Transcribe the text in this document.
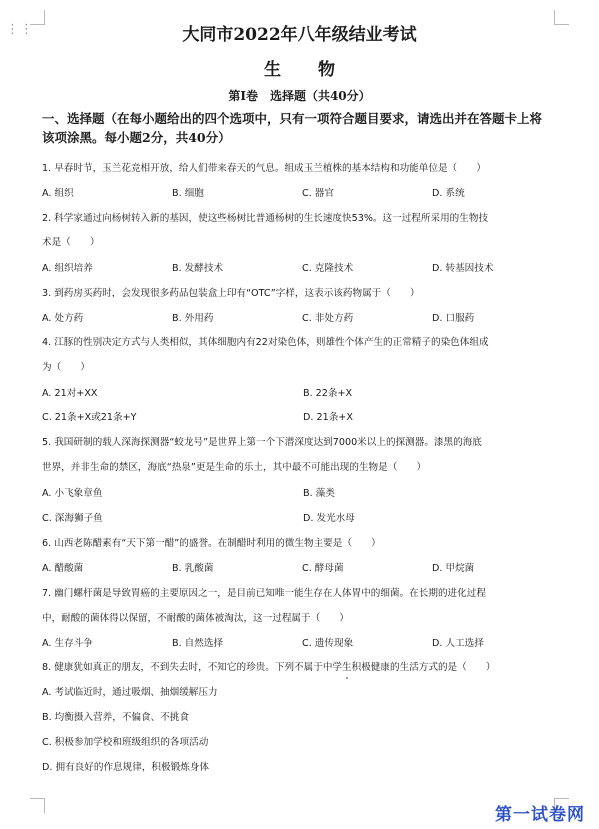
⋮⋮	大同市2022年八年级结业考试
生　物
第Ⅰ卷　选择题（共40分）
一、选择题（在每小题给出的四个选项中，只有一项符合题目要求，请选出并在答题卡上将
该项涂黑。每小题2分，共40分）
1. 早春时节，玉兰花竞相开放，给人们带来春天的气息。组成玉兰植株的基本结构和功能单位是（　　）
A. 组织	B. 细胞	C. 器官	D. 系统
2. 科学家通过向杨树转入新的基因，使这些杨树比普通杨树的生长速度快53%。这一过程所采用的生物技
术是（　　）
A. 组织培养	B. 发酵技术	C. 克隆技术	D. 转基因技术
3. 到药房买药时，会发现很多药品包装盒上印有“OTC”字样，这表示该药物属于（　　）
A. 处方药	B. 外用药	C. 非处方药	D. 口服药
4. 江豚的性别决定方式与人类相似，其体细胞内有22对染色体，则雄性个体产生的正常精子的染色体组成
为（　　）
A. 21对+XX	B. 22条+X
C. 21条+X或21条+Y	D. 21条+X
5. 我国研制的载人深海探测器“蛟龙号”是世界上第一个下潜深度达到7000米以上的探测器。漆黑的海底
世界，并非生命的禁区，海底“热泉”更是生命的乐土，其中最不可能出现的生物是（　　）
A. 小飞象章鱼	B. 藻类
C. 深海狮子鱼	D. 发光水母
6. 山西老陈醋素有“天下第一醋”的盛誉。在制醋时利用的微生物主要是（　　）
A. 醋酸菌	B. 乳酸菌	C. 酵母菌	D. 甲烷菌
7. 幽门螺杆菌是导致胃癌的主要原因之一，是目前已知唯一能生存在人体胃中的细菌。在长期的进化过程
中，耐酸的菌体得以保留，不耐酸的菌体被淘汰，这一过程属于（　　）
A. 生存斗争	B. 自然选择	C. 遗传现象	D. 人工选择
8. 健康犹如真正的朋友，不到失去时，不知它的珍贵。下列不属于中学生积极健康的生活方式的是（　　）
A. 考试临近时，通过吸烟、抽烟缓解压力
B. 均衡摄入营养，不偏食、不挑食
C. 积极参加学校和班级组织的各项活动
D. 拥有良好的作息规律，积极锻炼身体
第一试卷网
